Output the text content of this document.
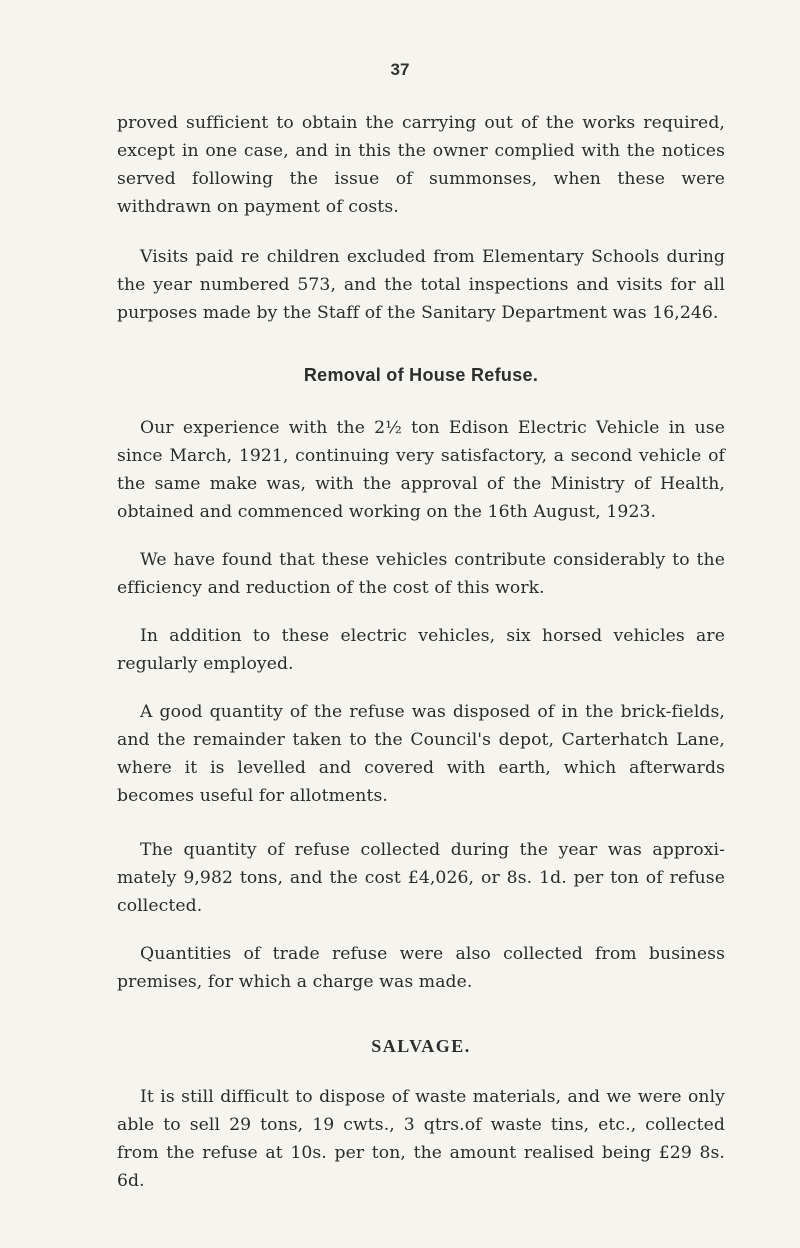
37

proved sufficient to obtain the carrying out of the works required, except in one case, and in this the owner complied with the notices served following the issue of summonses, when these were withdrawn on payment of costs.

Visits paid re children excluded from Elementary Schools during the year numbered 573, and the total inspections and visits for all purposes made by the Staff of the Sanitary Department was 16,246.

Removal of House Refuse.

Our experience with the 2½ ton Edison Electric Vehicle in use since March, 1921, continuing very satisfactory, a second vehicle of the same make was, with the approval of the Ministry of Health, obtained and commenced working on the 16th August, 1923.

We have found that these vehicles contribute considerably to the efficiency and reduction of the cost of this work.

In addition to these electric vehicles, six horsed vehicles are regularly employed.

A good quantity of the refuse was disposed of in the brick-fields, and the remainder taken to the Council's depot, Carterhatch Lane, where it is levelled and covered with earth, which afterwards becomes useful for allotments.

The quantity of refuse collected during the year was approxi-mately 9,982 tons, and the cost £4,026, or 8s. 1d. per ton of refuse collected.

Quantities of trade refuse were also collected from business premises, for which a charge was made.

SALVAGE.

It is still difficult to dispose of waste materials, and we were only able to sell 29 tons, 19 cwts., 3 qtrs.of waste tins, etc., collected from the refuse at 10s. per ton, the amount realised being £29 8s. 6d.
